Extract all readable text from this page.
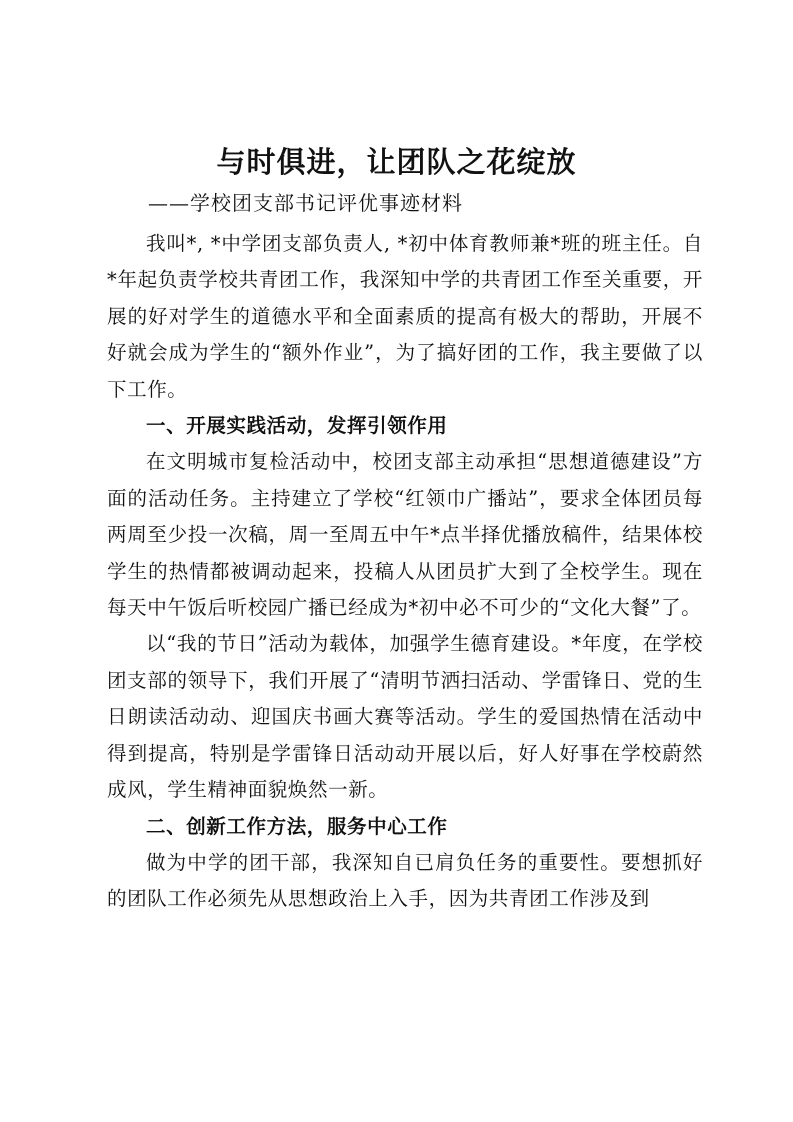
与时俱进，让团队之花绽放
——学校团支部书记评优事迹材料

我叫*, *中学团支部负责人, *初中体育教师兼*班的班主任。自*年起负责学校共青团工作，我深知中学的共青团工作至关重要，开展的好对学生的道德水平和全面素质的提高有极大的帮助，开展不好就会成为学生的“额外作业”，为了搞好团的工作，我主要做了以下工作。

一、开展实践活动，发挥引领作用

在文明城市复检活动中，校团支部主动承担“思想道德建设”方面的活动任务。主持建立了学校“红领巾广播站”，要求全体团员每两周至少投一次稿，周一至周五中午*点半择优播放稿件，结果体校学生的热情都被调动起来，投稿人从团员扩大到了全校学生。现在每天中午饭后听校园广播已经成为*初中必不可少的“文化大餐”了。

以“我的节日”活动为载体，加强学生德育建设。*年度，在学校团支部的领导下，我们开展了“清明节洒扫活动、学雷锋日、党的生日朗读活动动、迎国庆书画大赛等活动。学生的爱国热情在活动中得到提高，特别是学雷锋日活动动开展以后，好人好事在学校蔚然成风，学生精神面貌焕然一新。

二、创新工作方法，服务中心工作

做为中学的团干部，我深知自已肩负任务的重要性。要想抓好的团队工作必须先从思想政治上入手，因为共青团工作涉及到
